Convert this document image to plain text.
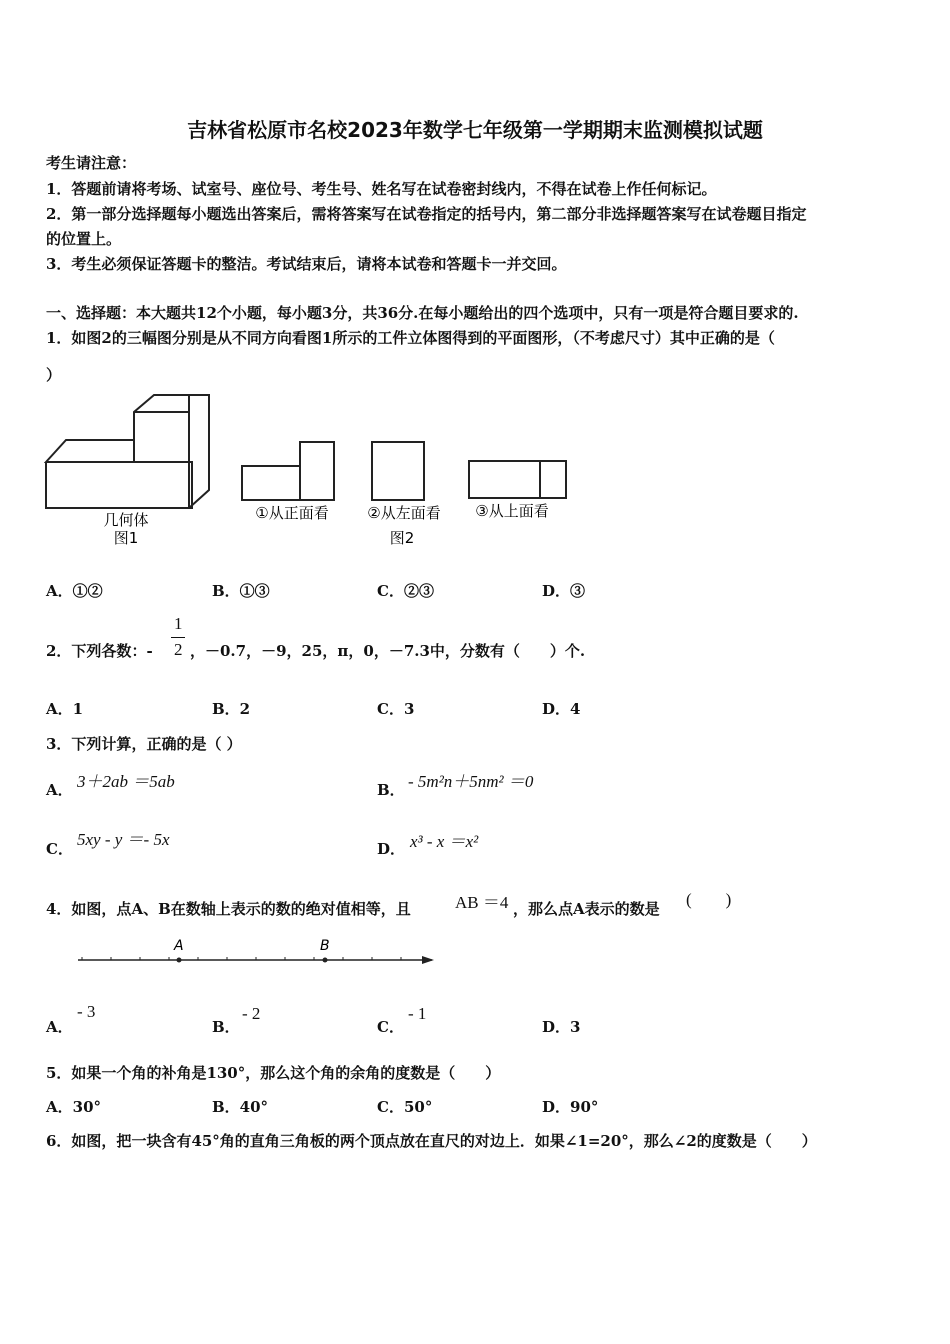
吉林省松原市名校2023年数学七年级第一学期期末监测模拟试题
考生请注意：
1．答题前请将考场、试室号、座位号、考生号、姓名写在试卷密封线内，不得在试卷上作任何标记。
2．第一部分选择题每小题选出答案后，需将答案写在试卷指定的括号内，第二部分非选择题答案写在试卷题目指定
的位置上。
3．考生必须保证答题卡的整洁。考试结束后，请将本试卷和答题卡一并交回。
一、选择题：本大题共12个小题，每小题3分，共36分.在每小题给出的四个选项中，只有一项是符合题目要求的.
1．如图2的三幅图分别是从不同方向看图1所示的工件立体图得到的平面图形，（不考虑尺寸）其中正确的是（
）
几何体
图1
①从正面看	②从左面看 ③从上面看
图2
A．①②	B．①③	C．②③	D．③
2．下列各数：-
1
2 ，－0.7，－9，25，π，0，－7.3中，分数有（　　）个.
A．1	B．2	C．3	D．4
3．下列计算，正确的是（ ）
A． 3＋2ab ＝5ab	B． - 5m²n＋5nm² ＝0
C． 5xy - y ＝- 5x	D． x³ - x ＝x²
4．如图，点A、B在数轴上表示的数的绝对值相等，且	AB ＝4 ，那么点A表示的数是 (　　)
A	B
A．
- 3
B．
- 2
C．
- 1
D．3
5．如果一个角的补角是130°，那么这个角的余角的度数是（　　）
A．30°	B．40°	C．50°	D．90°
6．如图，把一块含有45°角的直角三角板的两个顶点放在直尺的对边上．如果∠1=20°，那么∠2的度数是（　　）
